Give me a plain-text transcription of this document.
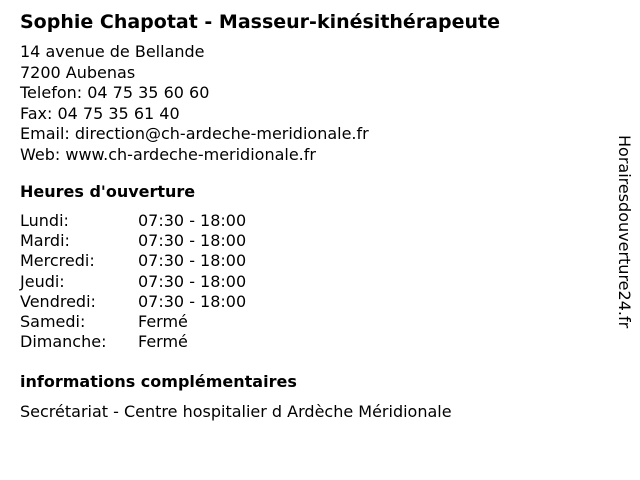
Sophie Chapotat - Masseur-kinésithérapeute

14 avenue de Bellande

7200 Aubenas

Telefon: 04 75 35 60 60

Fax: 04 75 35 61 40

Email: direction@ch-ardeche-meridionale.fr

Web: www.ch-ardeche-meridionale.fr

Heures d'ouverture
Lundi:	07:30 - 18:00
Mardi:	07:30 - 18:00
Mercredi:	07:30 - 18:00
Jeudi:	07:30 - 18:00
Vendredi:	07:30 - 18:00
Samedi:	Fermé
Dimanche:	Fermé
informations complémentaires

Secrétariat - Centre hospitalier d Ardèche Méridionale

Horairesdouverture24.fr
